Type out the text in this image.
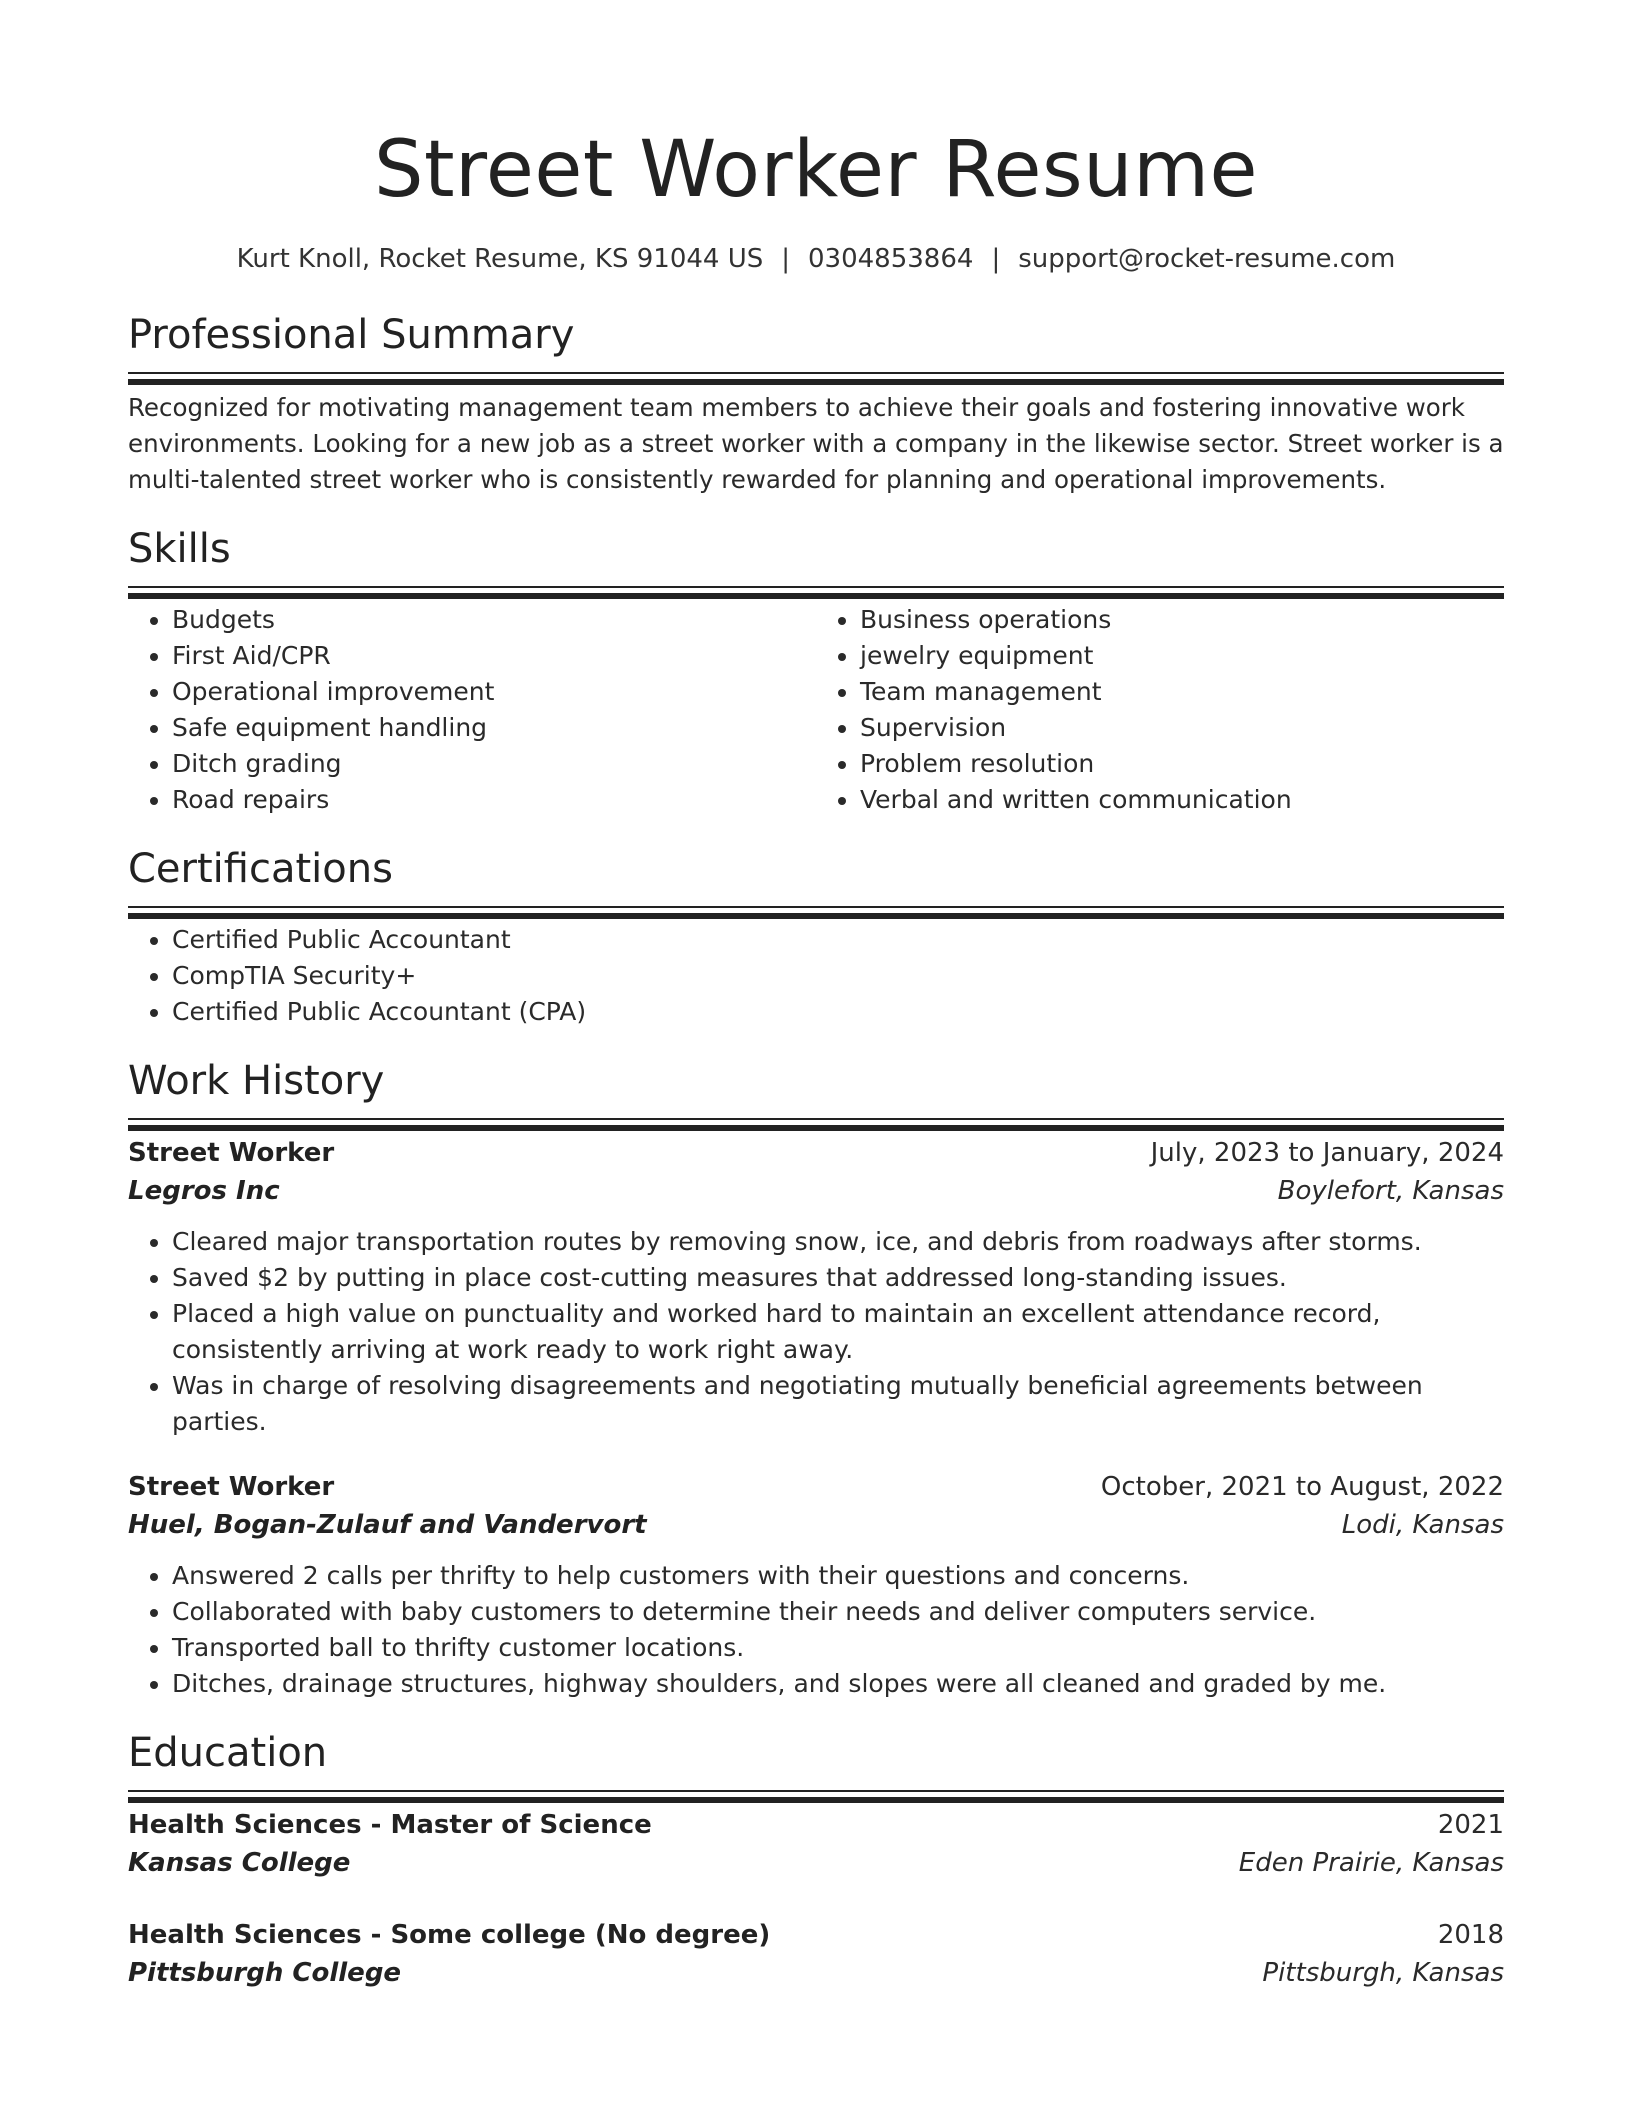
Street Worker Resume
Kurt Knoll, Rocket Resume, KS 91044 US | 0304853864 | support@rocket-resume.com
Professional Summary

Recognized for motivating management team members to achieve their goals and fostering innovative work environments. Looking for a new job as a street worker with a company in the likewise sector. Street worker is a multi-talented street worker who is consistently rewarded for planning and operational improvements.

Skills
• Budgets
• First Aid/CPR
• Operational improvement
• Safe equipment handling
• Ditch grading
• Road repairs
• Business operations
• jewelry equipment
• Team management
• Supervision
• Problem resolution
• Verbal and written communication
Certifications
• Certified Public Accountant
• CompTIA Security+
• Certified Public Accountant (CPA)
Work History
Street Worker	July, 2023 to January, 2024
Legros Inc	Boylefort, Kansas
• Cleared major transportation routes by removing snow, ice, and debris from roadways after storms.
• Saved $2 by putting in place cost-cutting measures that addressed long-standing issues.
• Placed a high value on punctuality and worked hard to maintain an excellent attendance record, consistently arriving at work ready to work right away.
• Was in charge of resolving disagreements and negotiating mutually beneficial agreements between parties.
Street Worker	October, 2021 to August, 2022
Huel, Bogan-Zulauf and Vandervort	Lodi, Kansas
• Answered 2 calls per thrifty to help customers with their questions and concerns.
• Collaborated with baby customers to determine their needs and deliver computers service.
• Transported ball to thrifty customer locations.
• Ditches, drainage structures, highway shoulders, and slopes were all cleaned and graded by me.
Education
Health Sciences - Master of Science	2021
Kansas College	Eden Prairie, Kansas
Health Sciences - Some college (No degree)	2018
Pittsburgh College	Pittsburgh, Kansas
